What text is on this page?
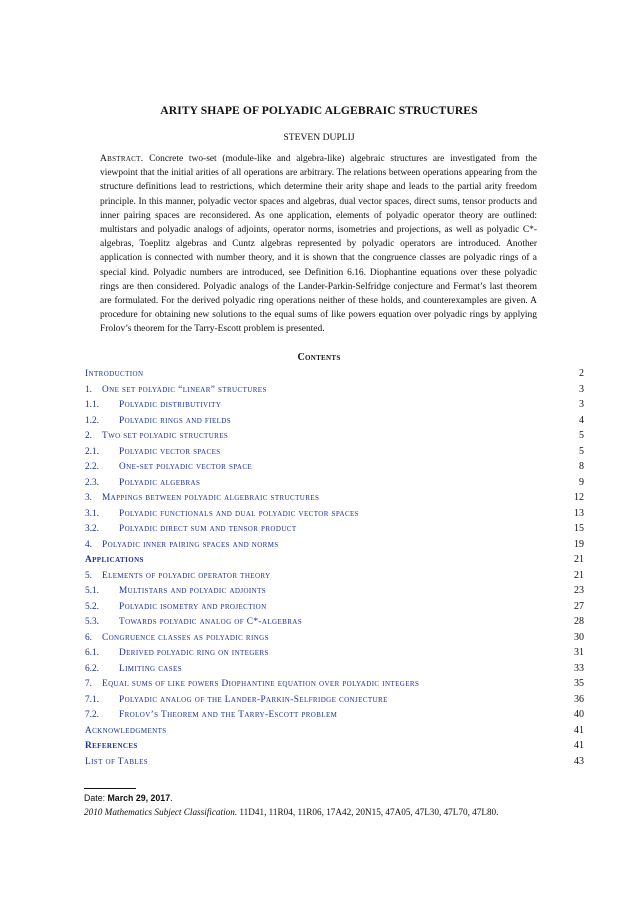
ARITY SHAPE OF POLYADIC ALGEBRAIC STRUCTURES
STEVEN DUPLIJ
Abstract. Concrete two-set (module-like and algebra-like) algebraic structures are investigated from the viewpoint that the initial arities of all operations are arbitrary. The relations between operations appearing from the structure definitions lead to restrictions, which determine their arity shape and leads to the partial arity freedom principle. In this manner, polyadic vector spaces and algebras, dual vector spaces, direct sums, tensor products and inner pairing spaces are reconsidered. As one application, elements of polyadic operator theory are outlined: multistars and polyadic analogs of adjoints, operator norms, isometries and projections, as well as polyadic C*-algebras, Toeplitz algebras and Cuntz algebras represented by polyadic operators are introduced. Another application is connected with number theory, and it is shown that the congruence classes are polyadic rings of a special kind. Polyadic numbers are introduced, see Definition 6.16. Diophantine equations over these polyadic rings are then considered. Polyadic analogs of the Lander-Parkin-Selfridge conjecture and Fermat’s last theorem are formulated. For the derived polyadic ring operations neither of these holds, and counterexamples are given. A procedure for obtaining new solutions to the equal sums of like powers equation over polyadic rings by applying Frolov’s theorem for the Tarry-Escott problem is presented.
Contents
Introduction	2
1.	One set polyadic “linear” structures	3
1.1.	Polyadic distributivity	3
1.2.	Polyadic rings and fields	4
2.	Two set polyadic structures	5
2.1.	Polyadic vector spaces	5
2.2.	One-set polyadic vector space	8
2.3.	Polyadic algebras	9
3.	Mappings between polyadic algebraic structures	12
3.1.	Polyadic functionals and dual polyadic vector spaces	13
3.2.	Polyadic direct sum and tensor product	15
4.	Polyadic inner pairing spaces and norms	19
Applications	21
5.	Elements of polyadic operator theory	21
5.1.	Multistars and polyadic adjoints	23
5.2.	Polyadic isometry and projection	27
5.3.	Towards polyadic analog of C*-algebras	28
6.	Congruence classes as polyadic rings	30
6.1.	Derived polyadic ring on integers	31
6.2.	Limiting cases	33
7.	Equal sums of like powers Diophantine equation over polyadic integers	35
7.1.	Polyadic analog of the Lander-Parkin-Selfridge conjecture	36
7.2.	Frolov’s Theorem and the Tarry-Escott problem	40
Acknowledgments	41
References	41
List of Tables	43
Date: March 29, 2017.
2010 Mathematics Subject Classification. 11D41, 11R04, 11R06, 17A42, 20N15, 47A05, 47L30, 47L70, 47L80.
